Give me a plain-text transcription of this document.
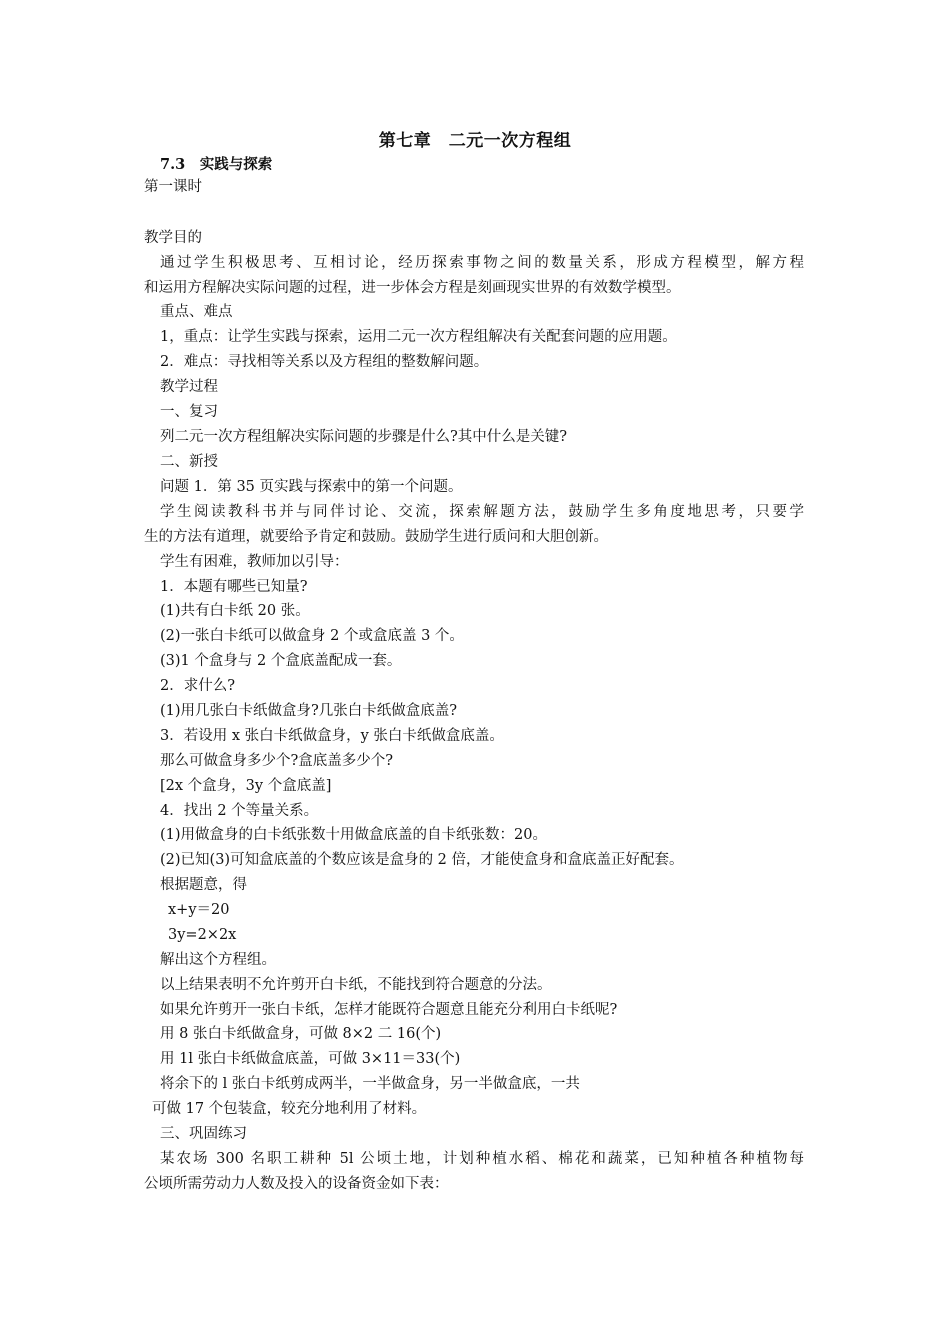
第七章　二元一次方程组
7.3　实践与探索
第一课时
教学目的
通过学生积极思考、互相讨论，经历探索事物之间的数量关系，形成方程模型，解方程
和运用方程解决实际问题的过程，进一步体会方程是刻画现实世界的有效数学模型。
重点、难点
1，重点：让学生实践与探索，运用二元一次方程组解决有关配套问题的应用题。
2．难点：寻找相等关系以及方程组的整数解问题。
教学过程
一、复习
列二元一次方程组解决实际问题的步骤是什么?其中什么是关键?
二、新授
问题 1．第 35 页实践与探索中的第一个问题。
学生阅读教科书并与同伴讨论、交流，探索解题方法，鼓励学生多角度地思考，只要学
生的方法有道理，就要给予肯定和鼓励。鼓励学生进行质问和大胆创新。
学生有困难，教师加以引导：
1．本题有哪些已知量?
(1)共有白卡纸 20 张。
(2)一张白卡纸可以做盒身 2 个或盒底盖 3 个。
(3)1 个盒身与 2 个盒底盖配成一套。
2．求什么?
(1)用几张白卡纸做盒身?几张白卡纸做盒底盖?
3．若设用 x 张白卡纸做盒身，y 张白卡纸做盒底盖。
那么可做盒身多少个?盒底盖多少个?
[2x 个盒身，3y 个盒底盖]
4．找出 2 个等量关系。
(1)用做盒身的白卡纸张数十用做盒底盖的自卡纸张数：20。
(2)已知(3)可知盒底盖的个数应该是盒身的 2 倍，才能使盒身和盒底盖正好配套。
根据题意，得
x+y＝20
3y=2×2x
解出这个方程组。
以上结果表明不允许剪开白卡纸，不能找到符合题意的分法。
如果允许剪开一张白卡纸，怎样才能既符合题意且能充分利用白卡纸呢?
用 8 张白卡纸做盒身，可做 8×2 二 16(个)
用 1l 张白卡纸做盒底盖，可做 3×11＝33(个)
将余下的 l 张白卡纸剪成两半，一半做盒身，另一半做盒底，一共
可做 17 个包装盒，较充分地利用了材料。
三、巩固练习
某农场 300 名职工耕种 5l 公顷土地，计划种植水稻、棉花和蔬菜，已知种植各种植物每
公顷所需劳动力人数及投入的设备资金如下表：
